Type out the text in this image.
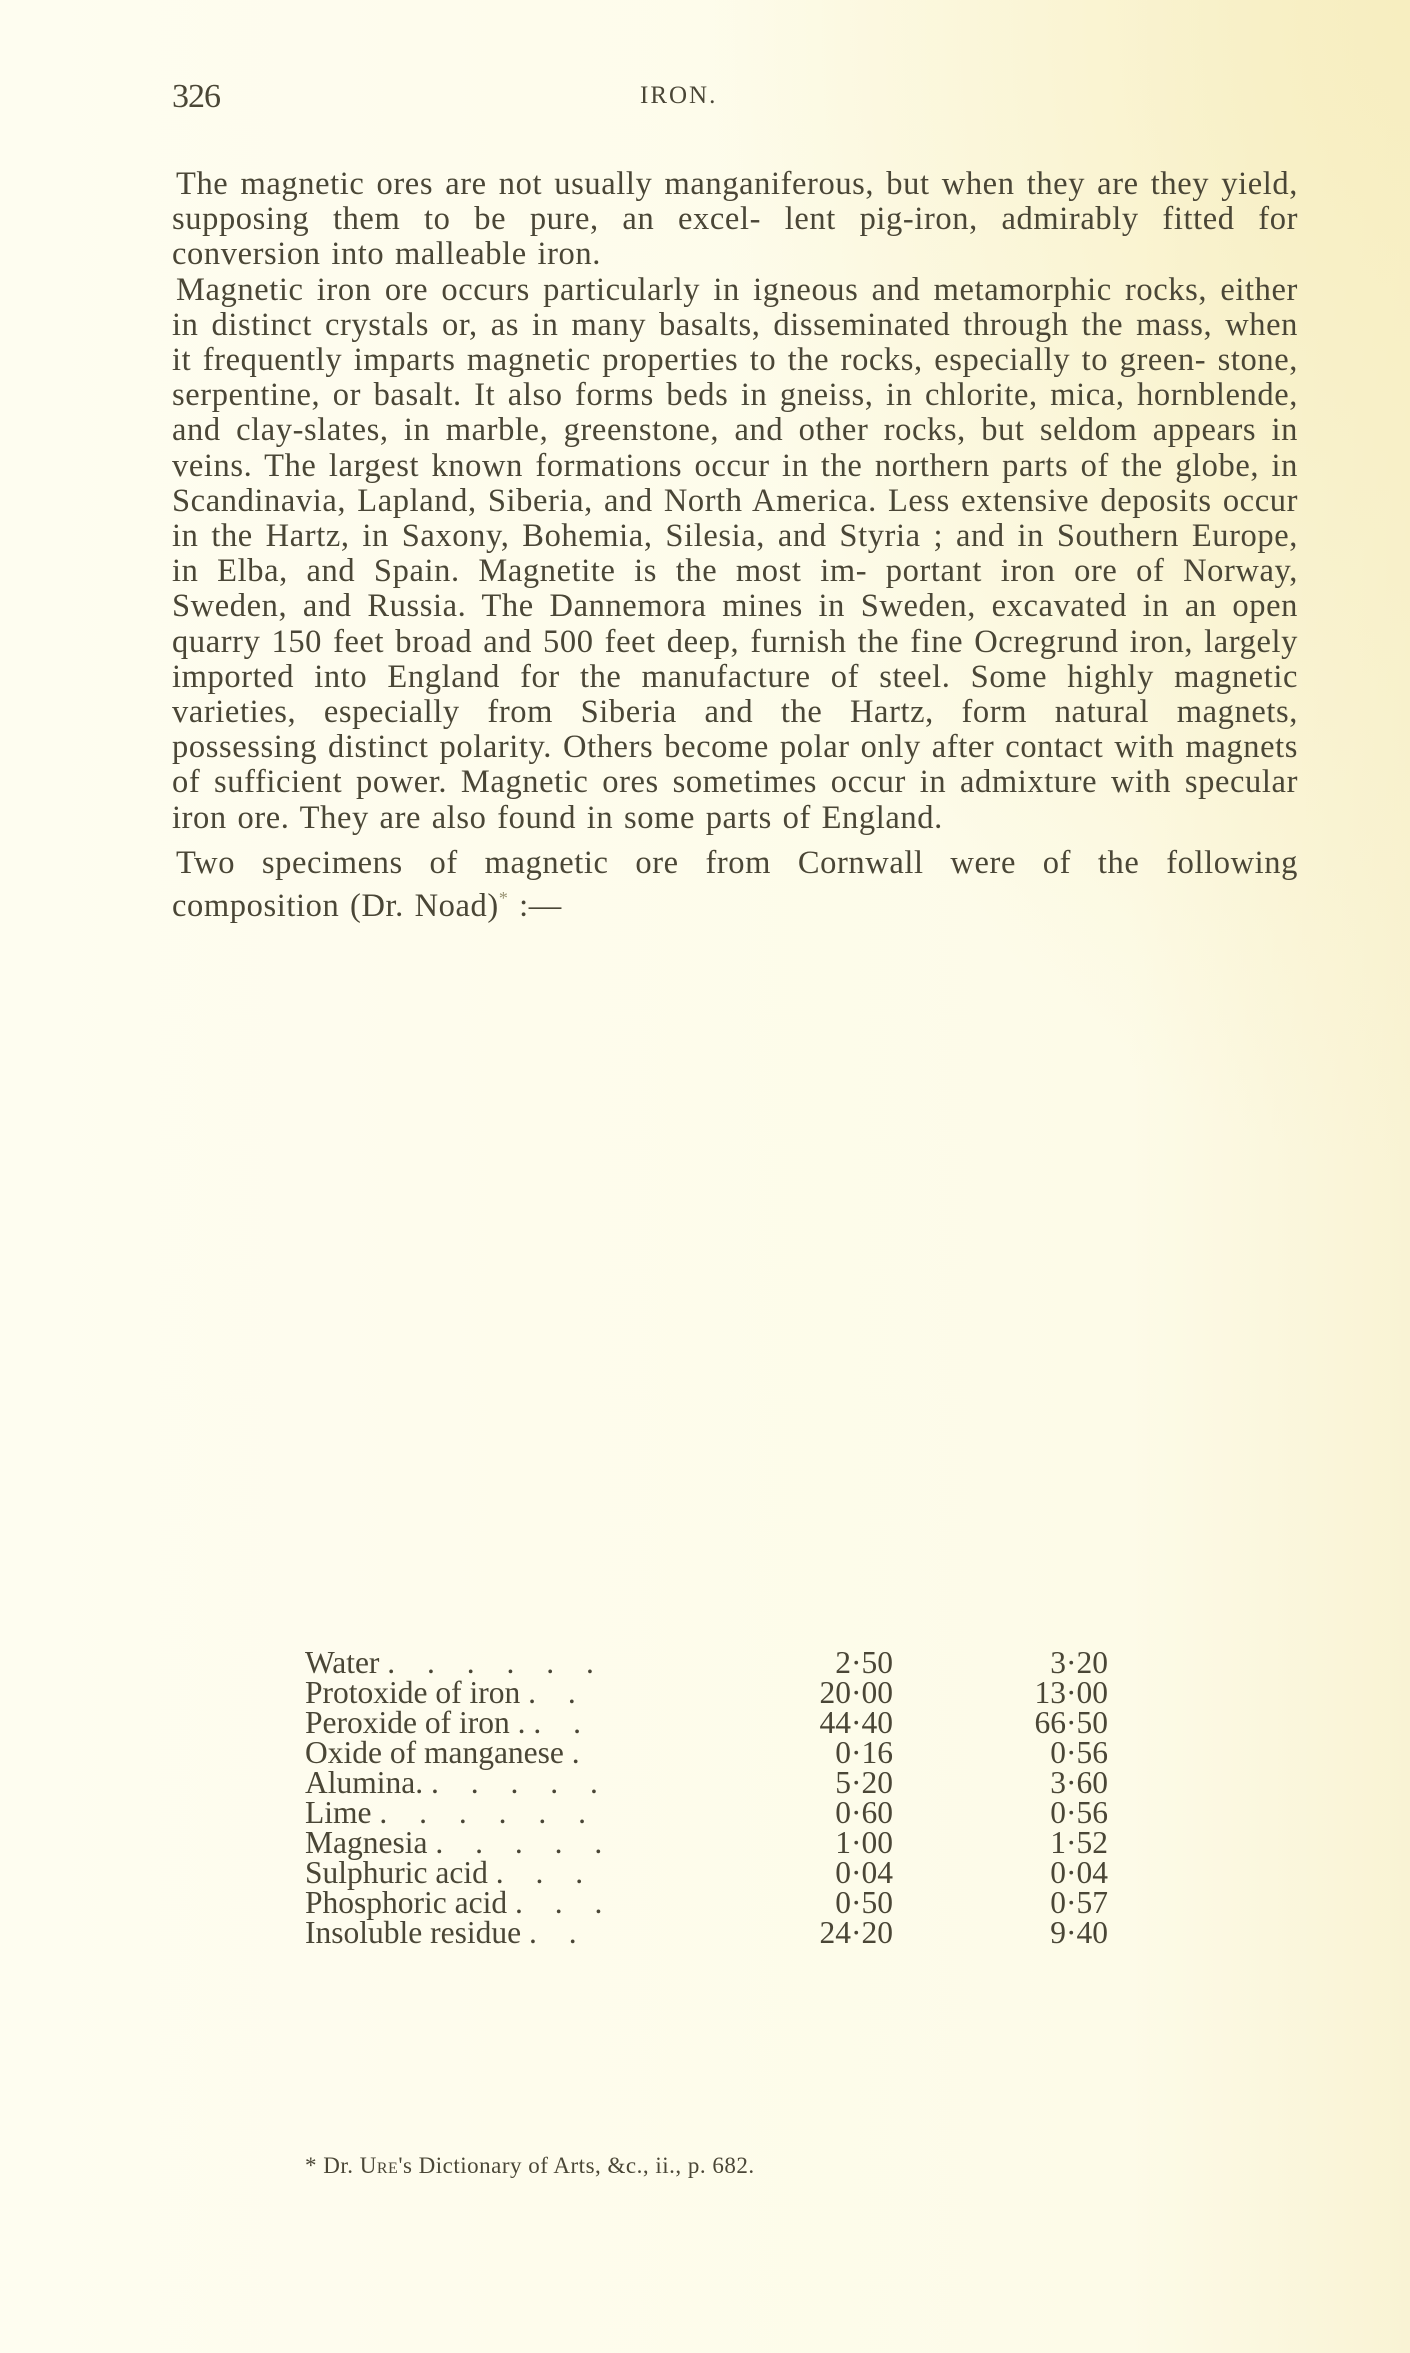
326	IRON.

The magnetic ores are not usually manganiferous, but when they are they yield, supposing them to be pure, an excel- lent pig-iron, admirably fitted for conversion into malleable iron.

Magnetic iron ore occurs particularly in igneous and metamorphic rocks, either in distinct crystals or, as in many basalts, disseminated through the mass, when it frequently imparts magnetic properties to the rocks, especially to green- stone, serpentine, or basalt. It also forms beds in gneiss, in chlorite, mica, hornblende, and clay-slates, in marble, greenstone, and other rocks, but seldom appears in veins. The largest known formations occur in the northern parts of the globe, in Scandinavia, Lapland, Siberia, and North America. Less extensive deposits occur in the Hartz, in Saxony, Bohemia, Silesia, and Styria ; and in Southern Europe, in Elba, and Spain. Magnetite is the most im- portant iron ore of Norway, Sweden, and Russia. The Dannemora mines in Sweden, excavated in an open quarry 150 feet broad and 500 feet deep, furnish the fine Ocregrund iron, largely imported into England for the manufacture of steel. Some highly magnetic varieties, especially from Siberia and the Hartz, form natural magnets, possessing distinct polarity. Others become polar only after contact with magnets of sufficient power. Magnetic ores sometimes occur in admixture with specular iron ore. They are also found in some parts of England.

Two specimens of magnetic ore from Cornwall were of the following composition (Dr. Noad)* :—

Water . . . . . .	2·50	3·20
Protoxide of iron . .	20·00	13·00
Peroxide of iron . . .	44·40	66·50
Oxide of manganese .	0·16	0·56
Alumina. . . . . .	5·20	3·60
Lime . . . . . .	0·60	0·56
Magnesia . . . . .	1·00	1·52
Sulphuric acid . . .	0·04	0·04
Phosphoric acid . . .	0·50	0·57
Insoluble residue . .	24·20	9·40
* Dr. Ure's Dictionary of Arts, &c., ii., p. 682.
